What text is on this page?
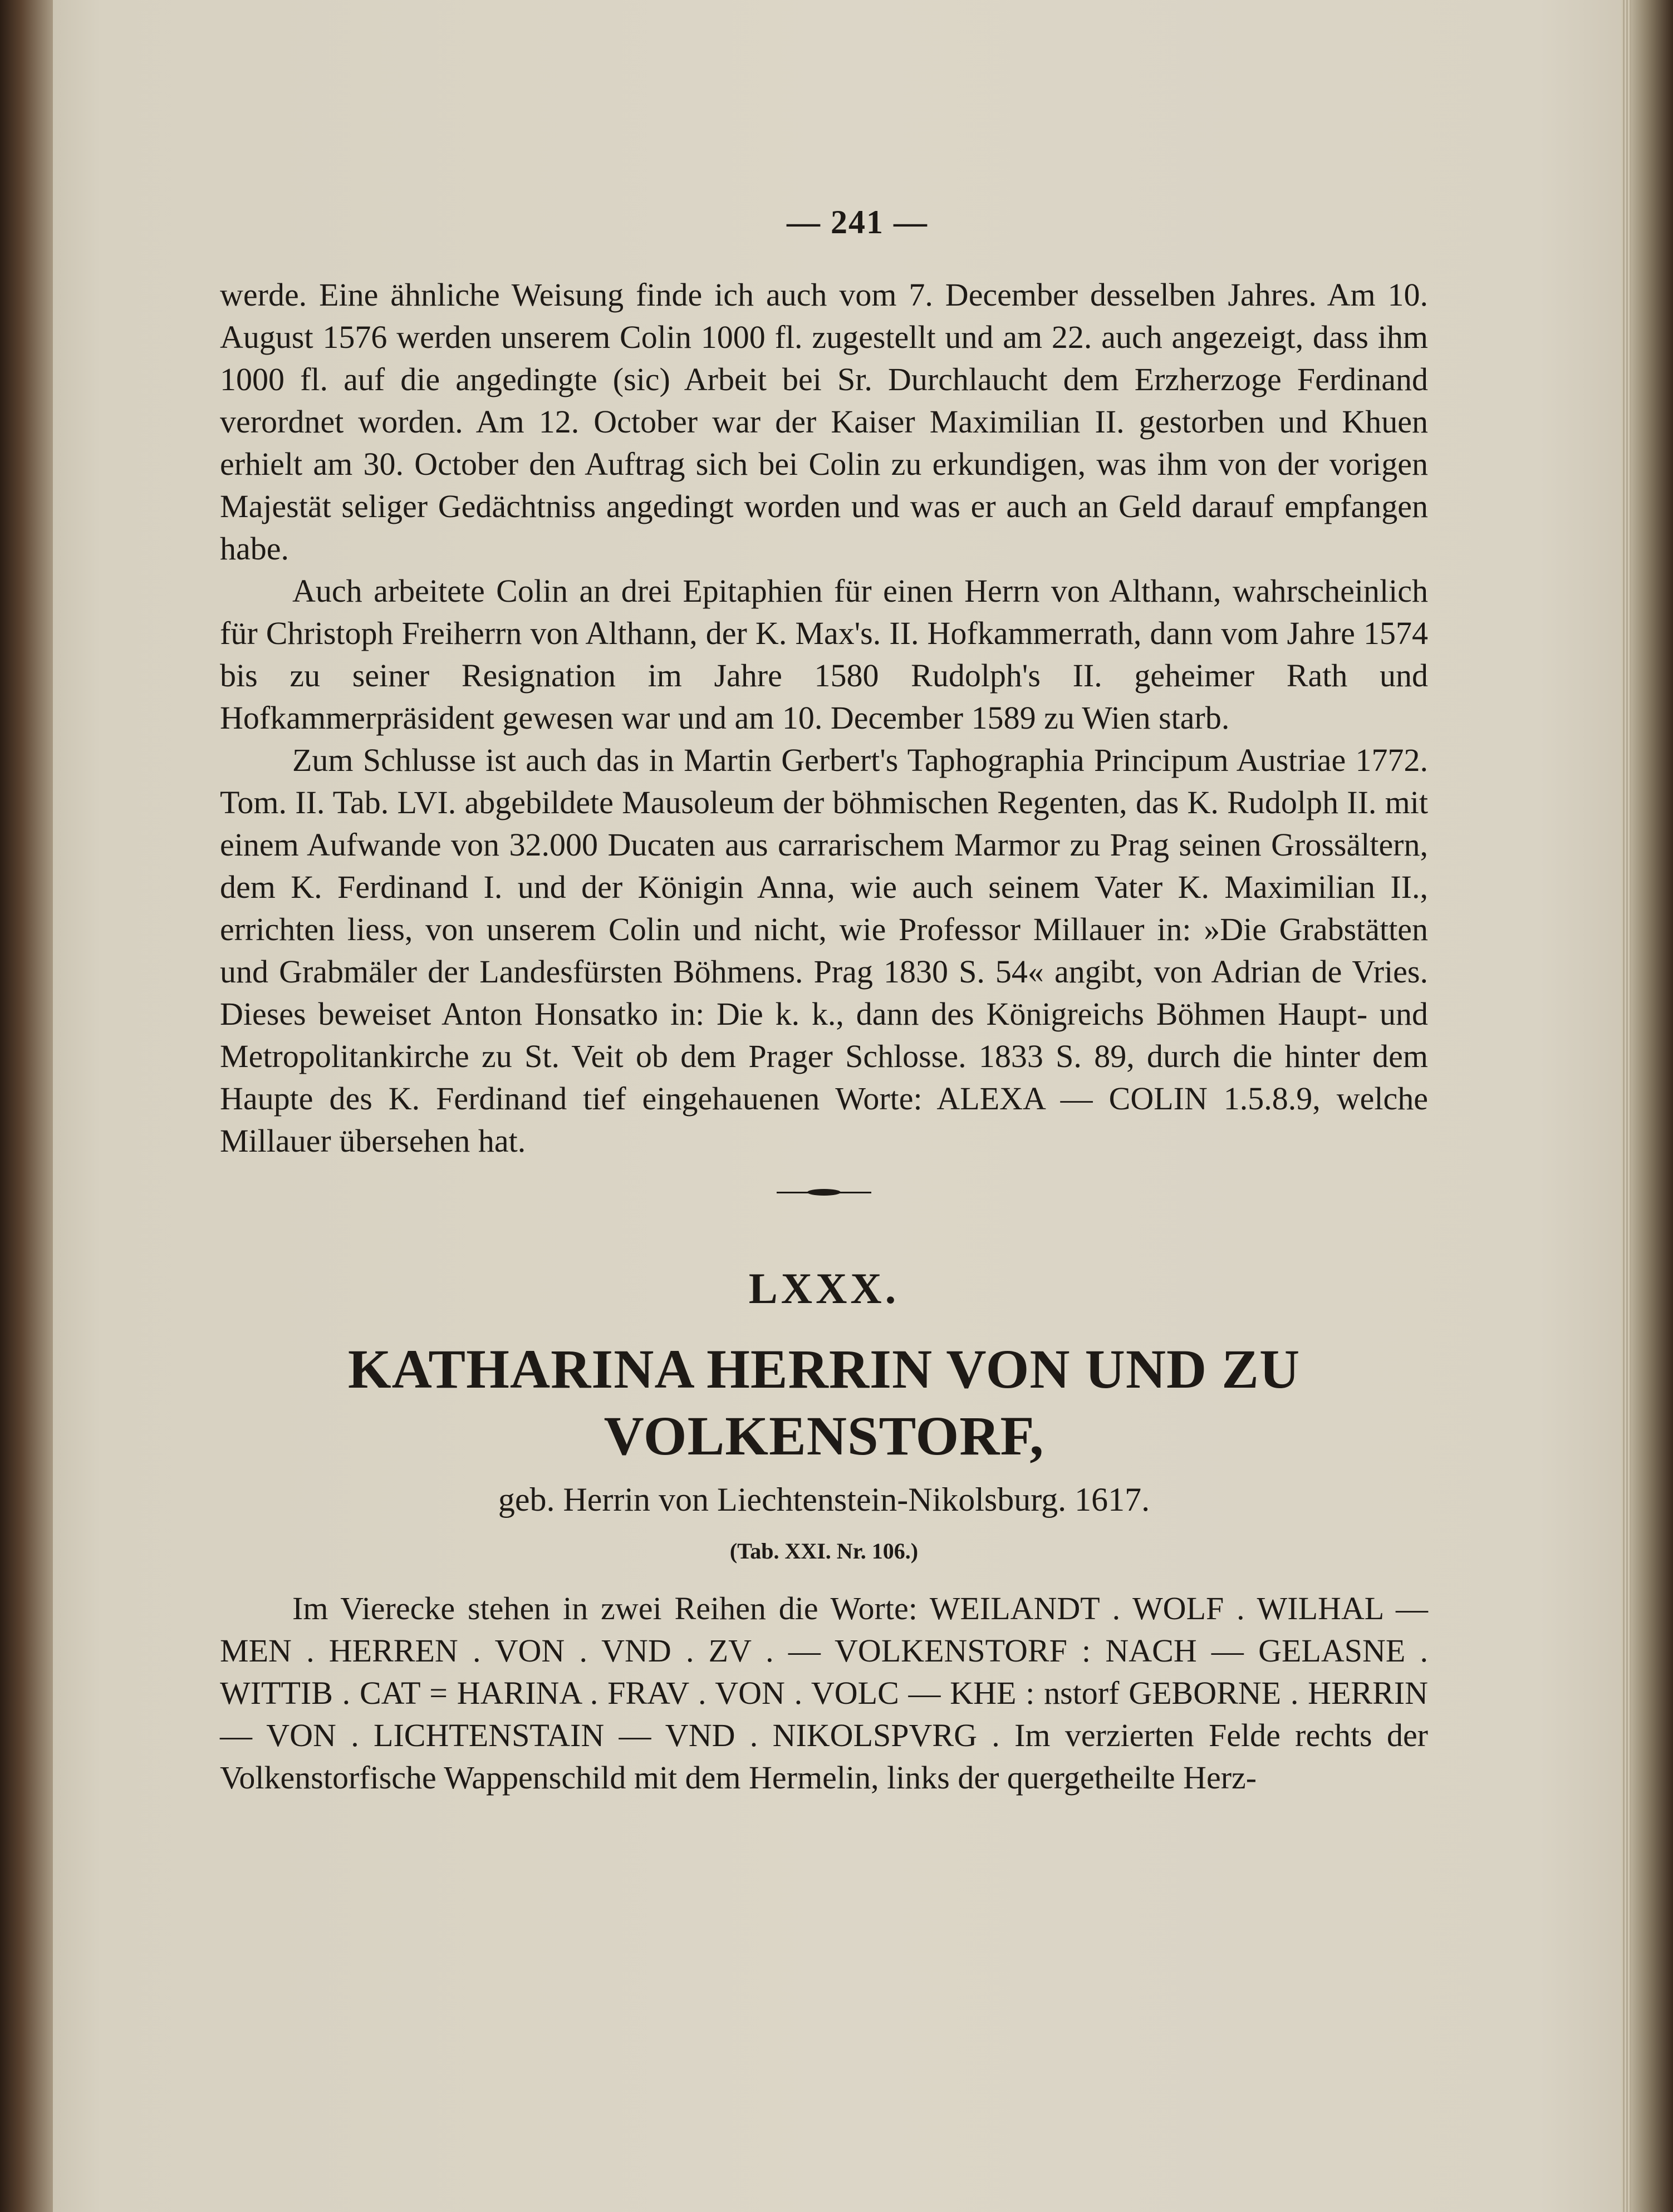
— 241 —

werde. Eine ähnliche Weisung finde ich auch vom 7. December desselben Jahres. Am 10. August 1576 werden unserem Colin 1000 fl. zugestellt und am 22. auch angezeigt, dass ihm 1000 fl. auf die angedingte (sic) Arbeit bei Sr. Durchlaucht dem Erzherzoge Ferdinand verordnet worden. Am 12. October war der Kaiser Maximilian II. gestorben und Khuen erhielt am 30. October den Auftrag sich bei Colin zu erkundigen, was ihm von der vorigen Majestät seliger Gedächtniss angedingt worden und was er auch an Geld darauf empfangen habe.

Auch arbeitete Colin an drei Epitaphien für einen Herrn von Althann, wahrscheinlich für Christoph Freiherrn von Althann, der K. Max's. II. Hofkammerrath, dann vom Jahre 1574 bis zu seiner Resignation im Jahre 1580 Rudolph's II. geheimer Rath und Hofkammerpräsident gewesen war und am 10. December 1589 zu Wien starb.

Zum Schlusse ist auch das in Martin Gerbert's Taphographia Principum Austriae 1772. Tom. II. Tab. LVI. abgebildete Mausoleum der böhmischen Regenten, das K. Rudolph II. mit einem Aufwande von 32.000 Ducaten aus carrarischem Marmor zu Prag seinen Grossältern, dem K. Ferdinand I. und der Königin Anna, wie auch seinem Vater K. Maximilian II., errichten liess, von unserem Colin und nicht, wie Professor Millauer in: »Die Grabstätten und Grabmäler der Landesfürsten Böhmens. Prag 1830 S. 54« angibt, von Adrian de Vries. Dieses beweiset Anton Honsatko in: Die k. k., dann des Königreichs Böhmen Haupt- und Metropolitankirche zu St. Veit ob dem Prager Schlosse. 1833 S. 89, durch die hinter dem Haupte des K. Ferdinand tief eingehauenen Worte: ALEXA — COLIN 1.5.8.9, welche Millauer übersehen hat.

LXXX.
KATHARINA HERRIN VON UND ZU VOLKENSTORF,
geb. Herrin von Liechtenstein-Nikolsburg. 1617.
(Tab. XXI. Nr. 106.)

Im Vierecke stehen in zwei Reihen die Worte: WEILANDT . WOLF . WILHAL —MEN . HERREN . VON . VND . ZV . — VOLKENSTORF : NACH — GELASNE . WITTIB . CAT = HARINA . FRAV . VON . VOLC — KHE : nstorf GEBORNE . HERRIN — VON . LICHTENSTAIN — VND . NIKOLSPVRG . Im verzierten Felde rechts der Volkenstorfische Wappenschild mit dem Hermelin, links der quergetheilte Herz-
